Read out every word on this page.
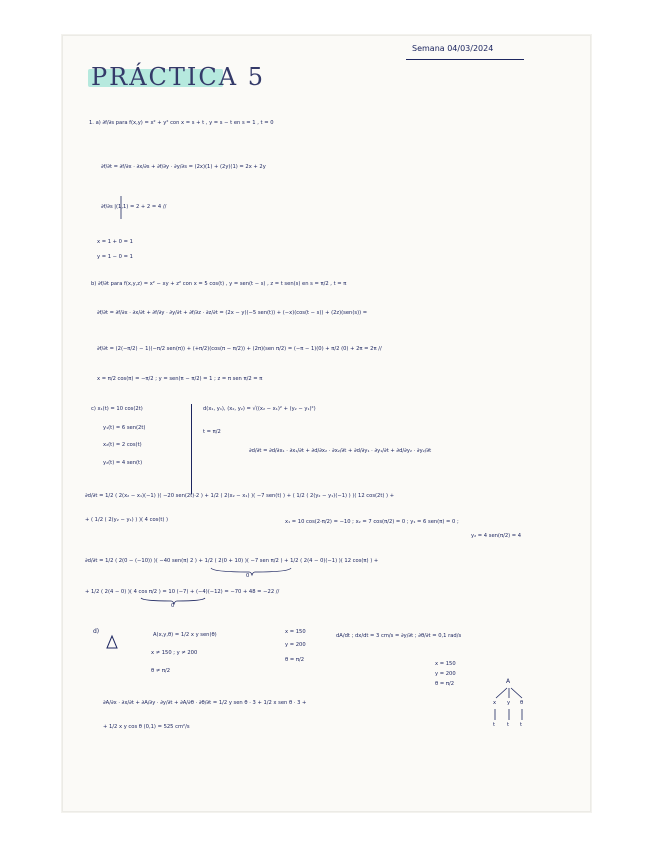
Semana 04/03/2024
PRÁCTICA 5
1. a) ∂f/∂s para f(x,y) = x² + y² con x = s + t , y = s − t en s = 1 , t = 0
∂f/∂t = ∂f/∂x · ∂x/∂s + ∂f/∂y · ∂y/∂s = (2x)(1) + (2y)(1) = 2x + 2y
∂f/∂s |(1,1) = 2 + 2 = 4 //
x = 1 + 0 = 1
y = 1 − 0 = 1
b) ∂f/∂t para f(x,y,z) = x² − xy + z² con x = 5 cos(t) , y = sen(t − s) , z = t sen(s) en s = π/2 , t = π
∂f/∂t = ∂f/∂x · ∂x/∂t + ∂f/∂y · ∂y/∂t + ∂f/∂z · ∂z/∂t = (2x − y)(−5 sen(t)) + (−x)(cos(t − s)) + (2z)(sen(s)) =
∂f/∂t = (2(−π/2) − 1)(−π/2 sen(π)) + (+π/2)(cos(π − π/2)) + (2π)(sen π/2) = (−π − 1)(0) + π/2 (0) + 2π = 2π //
x = π/2 cos(π) = −π/2 ; y = sen(π − π/2) = 1 ; z = π sen π/2 = π
c) x₁(t) = 10 cos(2t)	d(x₁, y₁), (x₂, y₂) = √((x₂ − x₁)² + (y₂ − y₁)²)
y₁(t) = 6 sen(2t)
t = π/2
x₂(t) = 2 cos(t)
y₂(t) = 4 sen(t)
∂d/∂t = ∂d/∂x₁ · ∂x₁/∂t + ∂d/∂x₂ · ∂x₂/∂t + ∂d/∂y₁ · ∂y₁/∂t + ∂d/∂y₂ · ∂y₂/∂t
∂d/∂t = 1/2 ( 2(x₂ − x₁)(−1) )( −20 sen(2t)·2 ) + 1/2 ( 2(x₂ − x₁) )( −7 sen(t) ) + ( 1/2 ( 2(y₂ − y₁)(−1) ) )( 12 cos(2t) ) +
+ ( 1/2 ( 2(y₂ − y₁) ) )( 4 cos(t) )	x₁ = 10 cos(2·π/2) = −10 ; x₂ = 7 cos(π/2) = 0 ; y₁ = 6 sen(π) = 0 ;
y₂ = 4 sen(π/2) = 4
∂d/∂t = 1/2 ( 2(0 − (−10)) )( −40 sen(π) 2 ) + 1/2 ( 2(0 + 10) )( −7 sen π/2 ) + 1/2 ( 2(4 − 0)(−1) )( 12 cos(π) ) +
0
+ 1/2 ( 2(4 − 0) )( 4 cos π/2 ) = 10 (−7) + (−4)(−12) = −70 + 48 = −22 //
0
d)	A(x,y,θ) = 1/2 x y sen(θ)	x = 150
y = 200
θ = π/2
dA/dt ; dx/dt = 3 cm/s = ∂y/∂t ; ∂θ/∂t = 0,1 rad/s
x ≠ 150 ; y ≠ 200
θ ≠ π/2
x = 150
y = 200
θ = π/2
∂A/∂x · ∂x/∂t + ∂A/∂y · ∂y/∂t + ∂A/∂θ · ∂θ/∂t = 1/2 y sen θ · 3 + 1/2 x sen θ · 3 +
+ 1/2 x y cos θ (0,1) = 525 cm²/s
A
x y θ
t t t
